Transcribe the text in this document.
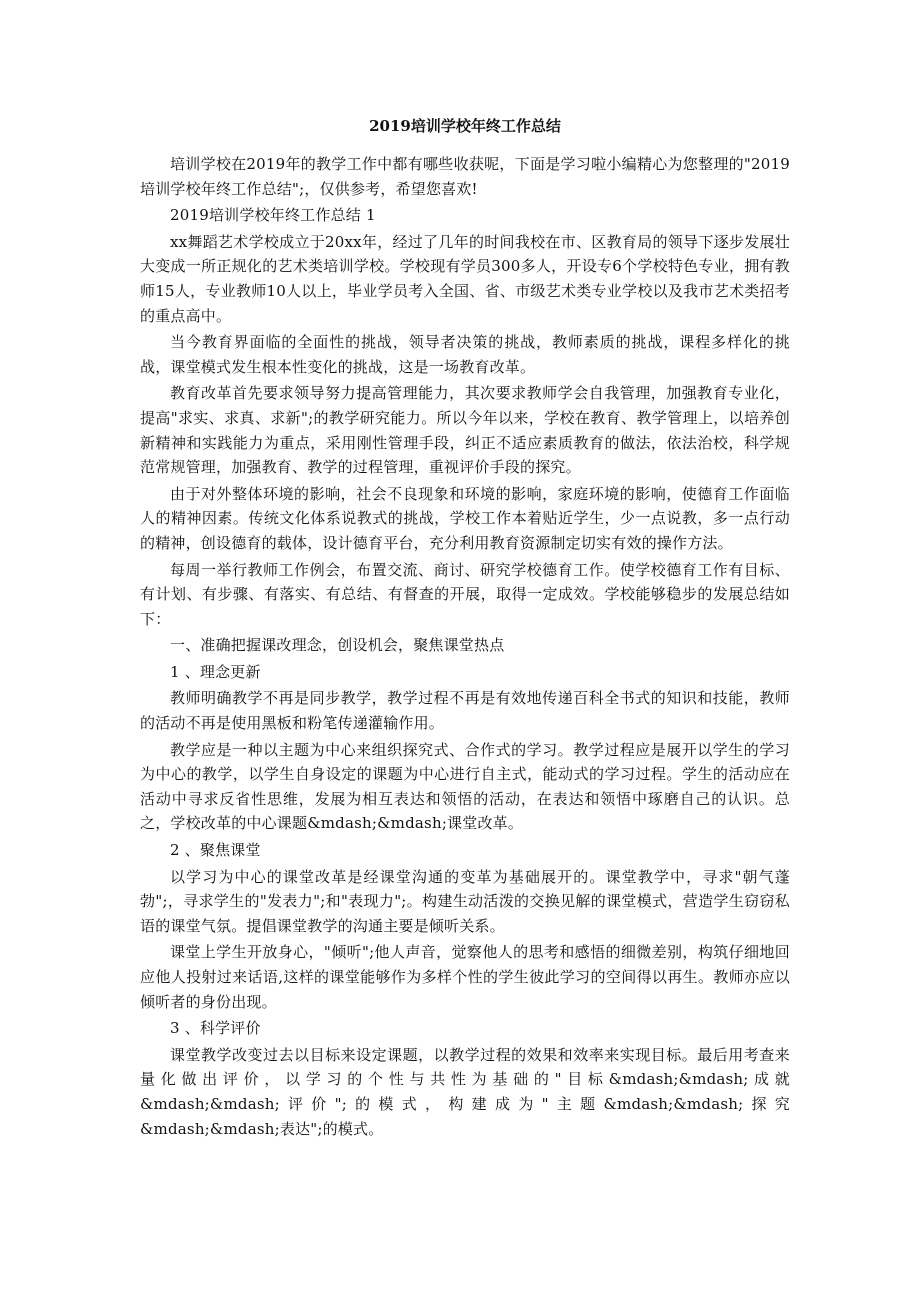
2019培训学校年终工作总结

培训学校在2019年的教学工作中都有哪些收获呢，下面是学习啦小编精心为您整理的"2019培训学校年终工作总结";，仅供参考，希望您喜欢!

2019培训学校年终工作总结 1

xx舞蹈艺术学校成立于20xx年，经过了几年的时间我校在市、区教育局的领导下逐步发展壮大变成一所正规化的艺术类培训学校。学校现有学员300多人，开设专6个学校特色专业，拥有教师15人，专业教师10人以上，毕业学员考入全国、省、市级艺术类专业学校以及我市艺术类招考的重点高中。

当今教育界面临的全面性的挑战，领导者决策的挑战，教师素质的挑战，课程多样化的挑战，课堂模式发生根本性变化的挑战，这是一场教育改革。

教育改革首先要求领导努力提高管理能力，其次要求教师学会自我管理，加强教育专业化，提高"求实、求真、求新";的教学研究能力。所以今年以来，学校在教育、教学管理上，以培养创新精神和实践能力为重点，采用刚性管理手段，纠正不适应素质教育的做法，依法治校，科学规范常规管理，加强教育、教学的过程管理，重视评价手段的探究。

由于对外整体环境的影响，社会不良现象和环境的影响，家庭环境的影响，使德育工作面临人的精神因素。传统文化体系说教式的挑战，学校工作本着贴近学生，少一点说教，多一点行动的精神，创设德育的载体，设计德育平台，充分利用教育资源制定切实有效的操作方法。

每周一举行教师工作例会，布置交流、商讨、研究学校德育工作。使学校德育工作有目标、有计划、有步骤、有落实、有总结、有督查的开展，取得一定成效。学校能够稳步的发展总结如下：

一、准确把握课改理念，创设机会，聚焦课堂热点

1 、理念更新

教师明确教学不再是同步教学，教学过程不再是有效地传递百科全书式的知识和技能，教师的活动不再是使用黑板和粉笔传递灌输作用。

教学应是一种以主题为中心来组织探究式、合作式的学习。教学过程应是展开以学生的学习为中心的教学，以学生自身设定的课题为中心进行自主式，能动式的学习过程。学生的活动应在活动中寻求反省性思维，发展为相互表达和领悟的活动，在表达和领悟中琢磨自己的认识。总之，学校改革的中心课题&mdash;&mdash;课堂改革。

2 、聚焦课堂

以学习为中心的课堂改革是经课堂沟通的变革为基础展开的。课堂教学中，寻求"朝气蓬勃";，寻求学生的"发表力";和"表现力";。构建生动活泼的交换见解的课堂模式，营造学生窃窃私语的课堂气氛。提倡课堂教学的沟通主要是倾听关系。

课堂上学生开放身心，"倾听";他人声音，觉察他人的思考和感悟的细微差别，构筑仔细地回应他人投射过来话语,这样的课堂能够作为多样个性的学生彼此学习的空间得以再生。教师亦应以倾听者的身份出现。

3 、科学评价

课堂教学改变过去以目标来设定课题，以教学过程的效果和效率来实现目标。最后用考查来量化做出评价，以学习的个性与共性为基础的"目标&mdash;&mdash;成就&mdash;&mdash;评价";的模式，构建成为"主题&mdash;&mdash;探究&mdash;&mdash;表达";的模式。
